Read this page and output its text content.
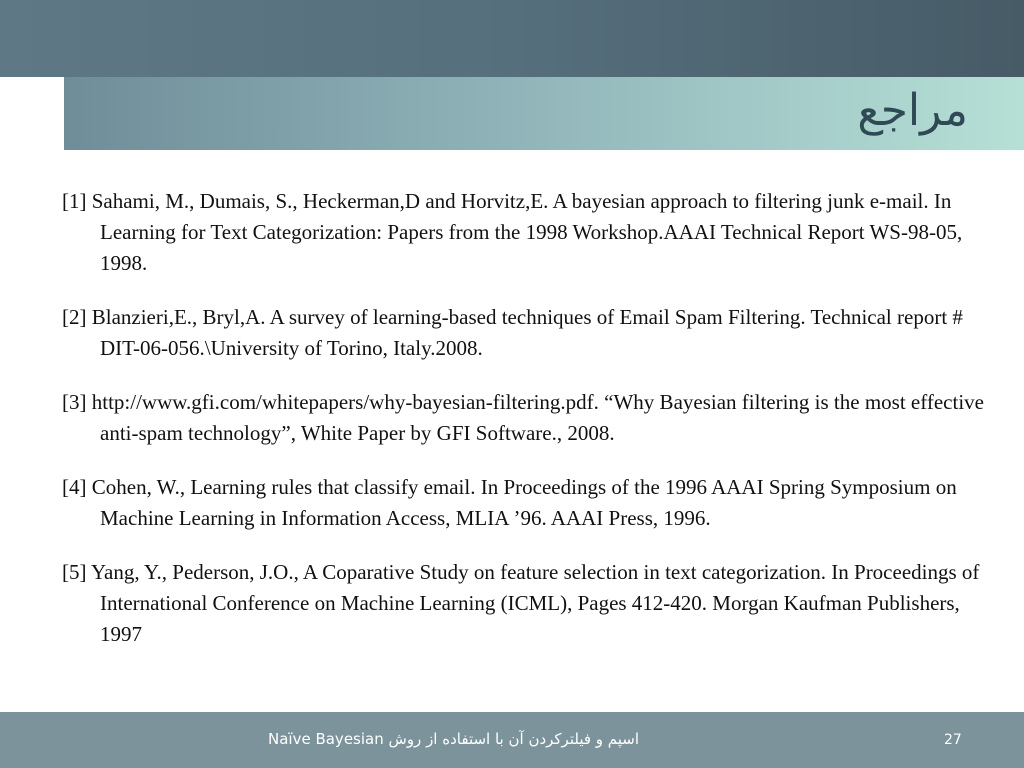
مراجع

[1] Sahami, M., Dumais, S., Heckerman,D and Horvitz,E. A bayesian approach to filtering junk e-mail. In Learning for Text Categorization: Papers from the 1998 Workshop.AAAI Technical Report WS-98-05, 1998.

[2] Blanzieri,E., Bryl,A. A survey of learning-based techniques of Email Spam Filtering. Technical report # DIT-06-056.\University of Torino, Italy.2008.

[3] http://www.gfi.com/whitepapers/why-bayesian-filtering.pdf. “Why Bayesian filtering is the most effective anti-spam technology”, White Paper by GFI Software., 2008.

[4] Cohen, W., Learning rules that classify email. In Proceedings of the 1996 AAAI Spring Symposium on Machine Learning in Information Access, MLIA ’96. AAAI Press, 1996.

[5] Yang, Y., Pederson, J.O., A Coparative Study on feature selection in text categorization. In Proceedings of International Conference on Machine Learning (ICML), Pages 412-420. Morgan Kaufman Publishers, 1997

اسپم و فیلترکردن آن با استفاده از روش Naïve Bayesian	27
